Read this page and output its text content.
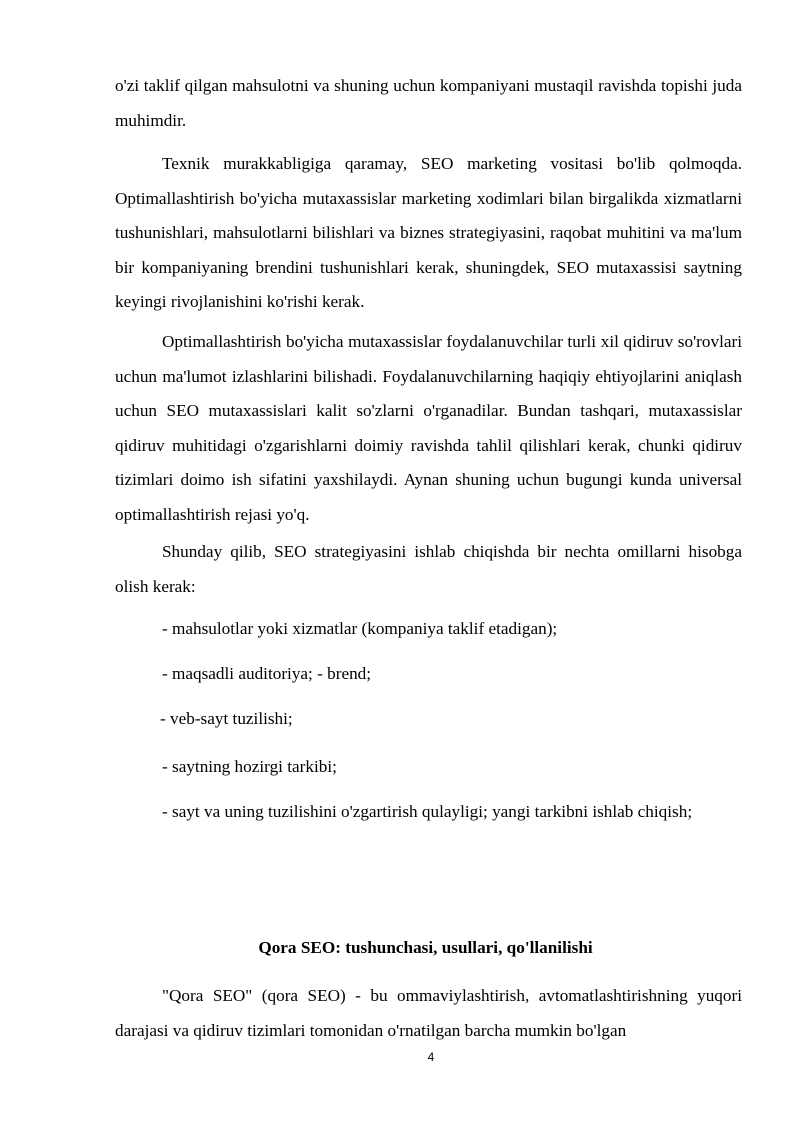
o'zi taklif qilgan mahsulotni va shuning uchun kompaniyani mustaqil ravishda topishi juda muhimdir.

Texnik murakkabligiga qaramay, SEO marketing vositasi bo'lib qolmoqda. Optimallashtirish bo'yicha mutaxassislar marketing xodimlari bilan birgalikda xizmatlarni tushunishlari, mahsulotlarni bilishlari va biznes strategiyasini, raqobat muhitini va ma'lum bir kompaniyaning brendini tushunishlari kerak, shuningdek, SEO mutaxassisi saytning keyingi rivojlanishini ko'rishi kerak.

Optimallashtirish bo'yicha mutaxassislar foydalanuvchilar turli xil qidiruv so'rovlari uchun ma'lumot izlashlarini bilishadi. Foydalanuvchilarning haqiqiy ehtiyojlarini aniqlash uchun SEO mutaxassislari kalit so'zlarni o'rganadilar. Bundan tashqari, mutaxassislar qidiruv muhitidagi o'zgarishlarni doimiy ravishda tahlil qilishlari kerak, chunki qidiruv tizimlari doimo ish sifatini yaxshilaydi. Aynan shuning uchun bugungi kunda universal optimallashtirish rejasi yo'q.

Shunday qilib, SEO strategiyasini ishlab chiqishda bir nechta omillarni hisobga olish kerak:

- mahsulotlar yoki xizmatlar (kompaniya taklif etadigan);

- maqsadli auditoriya; - brend;

- veb-sayt tuzilishi;

- saytning hozirgi tarkibi;

- sayt va uning tuzilishini o'zgartirish qulayligi; yangi tarkibni ishlab chiqish;

Qora SEO: tushunchasi, usullari, qo'llanilishi

"Qora SEO" (qora SEO) - bu ommaviylashtirish, avtomatlashtirishning yuqori darajasi va qidiruv tizimlari tomonidan o'rnatilgan barcha mumkin bo'lgan

4
